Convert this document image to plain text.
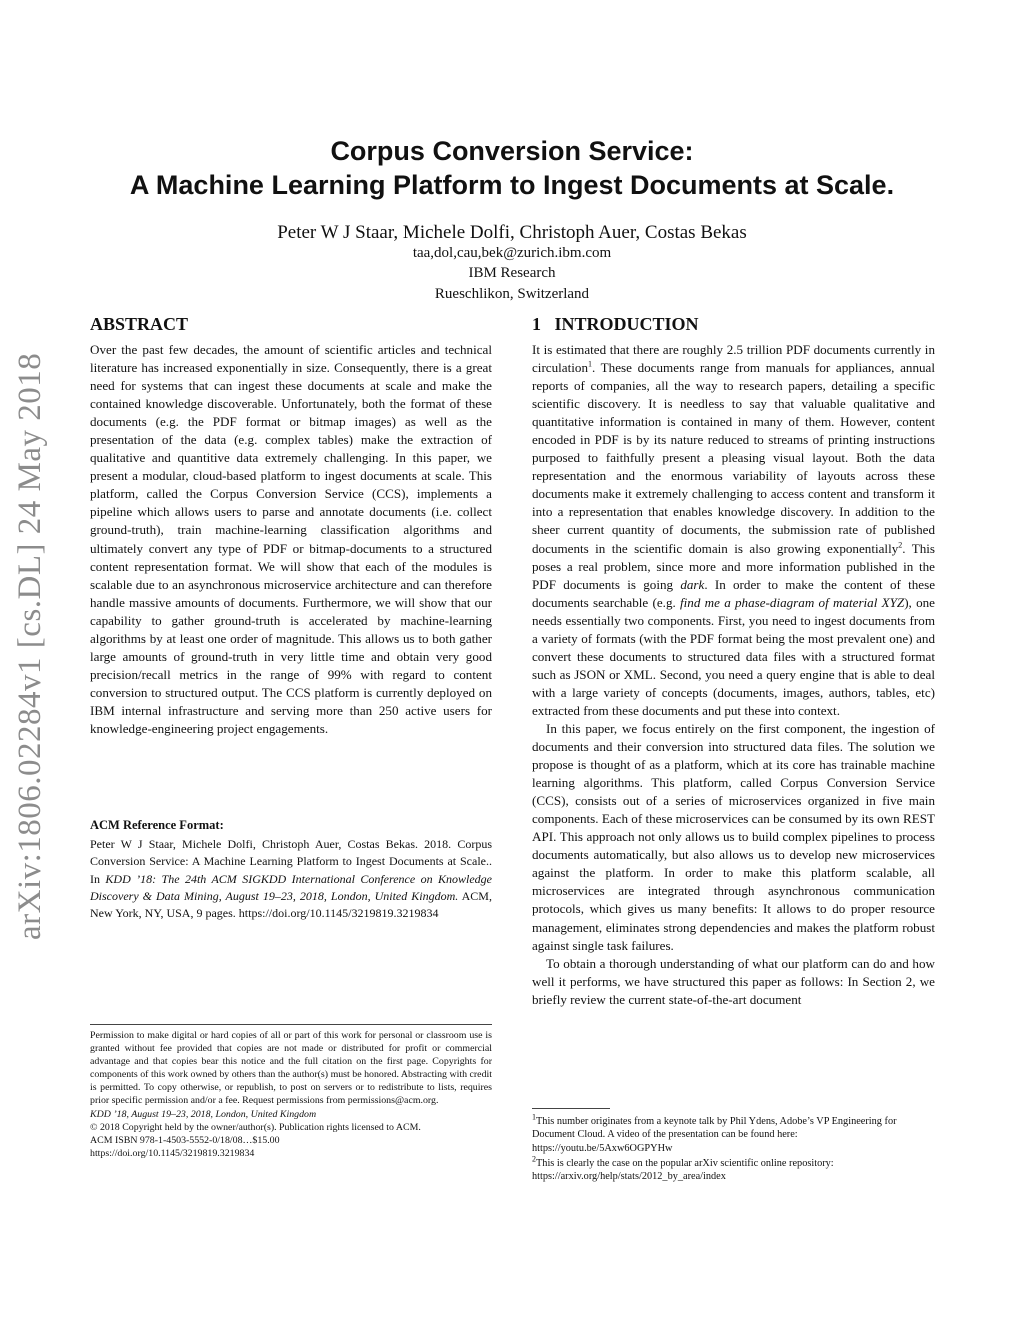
arXiv:1806.02284v1 [cs.DL] 24 May 2018
Corpus Conversion Service:
A Machine Learning Platform to Ingest Documents at Scale.
Peter W J Staar, Michele Dolfi, Christoph Auer, Costas Bekas
taa,dol,cau,bek@zurich.ibm.com
IBM Research
Rueschlikon, Switzerland
ABSTRACT

Over the past few decades, the amount of scientific articles and technical literature has increased exponentially in size. Consequently, there is a great need for systems that can ingest these documents at scale and make the contained knowledge discoverable. Unfortunately, both the format of these documents (e.g. the PDF format or bitmap images) as well as the presentation of the data (e.g. complex tables) make the extraction of qualitative and quantitive data extremely challenging. In this paper, we present a modular, cloud-based platform to ingest documents at scale. This platform, called the Corpus Conversion Service (CCS), implements a pipeline which allows users to parse and annotate documents (i.e. collect ground-truth), train machine-learning classification algorithms and ultimately convert any type of PDF or bitmap-documents to a structured content representation format. We will show that each of the modules is scalable due to an asynchronous microservice architecture and can therefore handle massive amounts of documents. Furthermore, we will show that our capability to gather ground-truth is accelerated by machine-learning algorithms by at least one order of magnitude. This allows us to both gather large amounts of ground-truth in very little time and obtain very good precision/recall metrics in the range of 99% with regard to content conversion to structured output. The CCS platform is currently deployed on IBM internal infrastructure and serving more than 250 active users for knowledge-engineering project engagements.

ACM Reference Format:
Peter W J Staar, Michele Dolfi, Christoph Auer, Costas Bekas. 2018. Corpus Conversion Service: A Machine Learning Platform to Ingest Documents at Scale.. In KDD ’18: The 24th ACM SIGKDD International Conference on Knowledge Discovery & Data Mining, August 19–23, 2018, London, United Kingdom. ACM, New York, NY, USA, 9 pages. https://doi.org/10.1145/3219819.3219834

Permission to make digital or hard copies of all or part of this work for personal or classroom use is granted without fee provided that copies are not made or distributed for profit or commercial advantage and that copies bear this notice and the full citation on the first page. Copyrights for components of this work owned by others than the author(s) must be honored. Abstracting with credit is permitted. To copy otherwise, or republish, to post on servers or to redistribute to lists, requires prior specific permission and/or a fee. Request permissions from permissions@acm.org.

KDD ’18, August 19–23, 2018, London, United Kingdom

© 2018 Copyright held by the owner/author(s). Publication rights licensed to ACM.

ACM ISBN 978-1-4503-5552-0/18/08…$15.00

https://doi.org/10.1145/3219819.3219834

1   INTRODUCTION

It is estimated that there are roughly 2.5 trillion PDF documents currently in circulation$^1$. These documents range from manuals for appliances, annual reports of companies, all the way to research papers, detailing a specific scientific discovery. It is needless to say that valuable qualitative and quantitative information is contained in many of them. However, content encoded in PDF is by its nature reduced to streams of printing instructions purposed to faithfully present a pleasing visual layout. Both the data representation and the enormous variability of layouts across these documents make it extremely challenging to access content and transform it into a representation that enables knowledge discovery. In addition to the sheer current quantity of documents, the submission rate of published documents in the scientific domain is also growing exponentially$^2$. This poses a real problem, since more and more information published in the PDF documents is going dark. In order to make the content of these documents searchable (e.g. find me a phase-diagram of material XYZ), one needs essentially two components. First, you need to ingest documents from a variety of formats (with the PDF format being the most prevalent one) and convert these documents to structured data files with a structured format such as JSON or XML. Second, you need a query engine that is able to deal with a large variety of concepts (documents, images, authors, tables, etc) extracted from these documents and put these into context.

In this paper, we focus entirely on the first component, the ingestion of documents and their conversion into structured data files. The solution we propose is thought of as a platform, which at its core has trainable machine learning algorithms. This platform, called Corpus Conversion Service (CCS), consists out of a series of microservices organized in five main components. Each of these microservices can be consumed by its own REST API. This approach not only allows us to build complex pipelines to process documents automatically, but also allows us to develop new microservices against the platform. In order to make this platform scalable, all microservices are integrated through asynchronous communication protocols, which gives us many benefits: It allows to do proper resource management, eliminates strong dependencies and makes the platform robust against single task failures.

To obtain a thorough understanding of what our platform can do and how well it performs, we have structured this paper as follows: In Section 2, we briefly review the current state-of-the-art document

$^1$This number originates from a keynote talk by Phil Ydens, Adobe’s VP Engineering for Document Cloud. A video of the presentation can be found here: https://youtu.be/5Axw6OGPYHw
$^2$This is clearly the case on the popular arXiv scientific online repository: https://arxiv.org/help/stats/2012_by_area/index
